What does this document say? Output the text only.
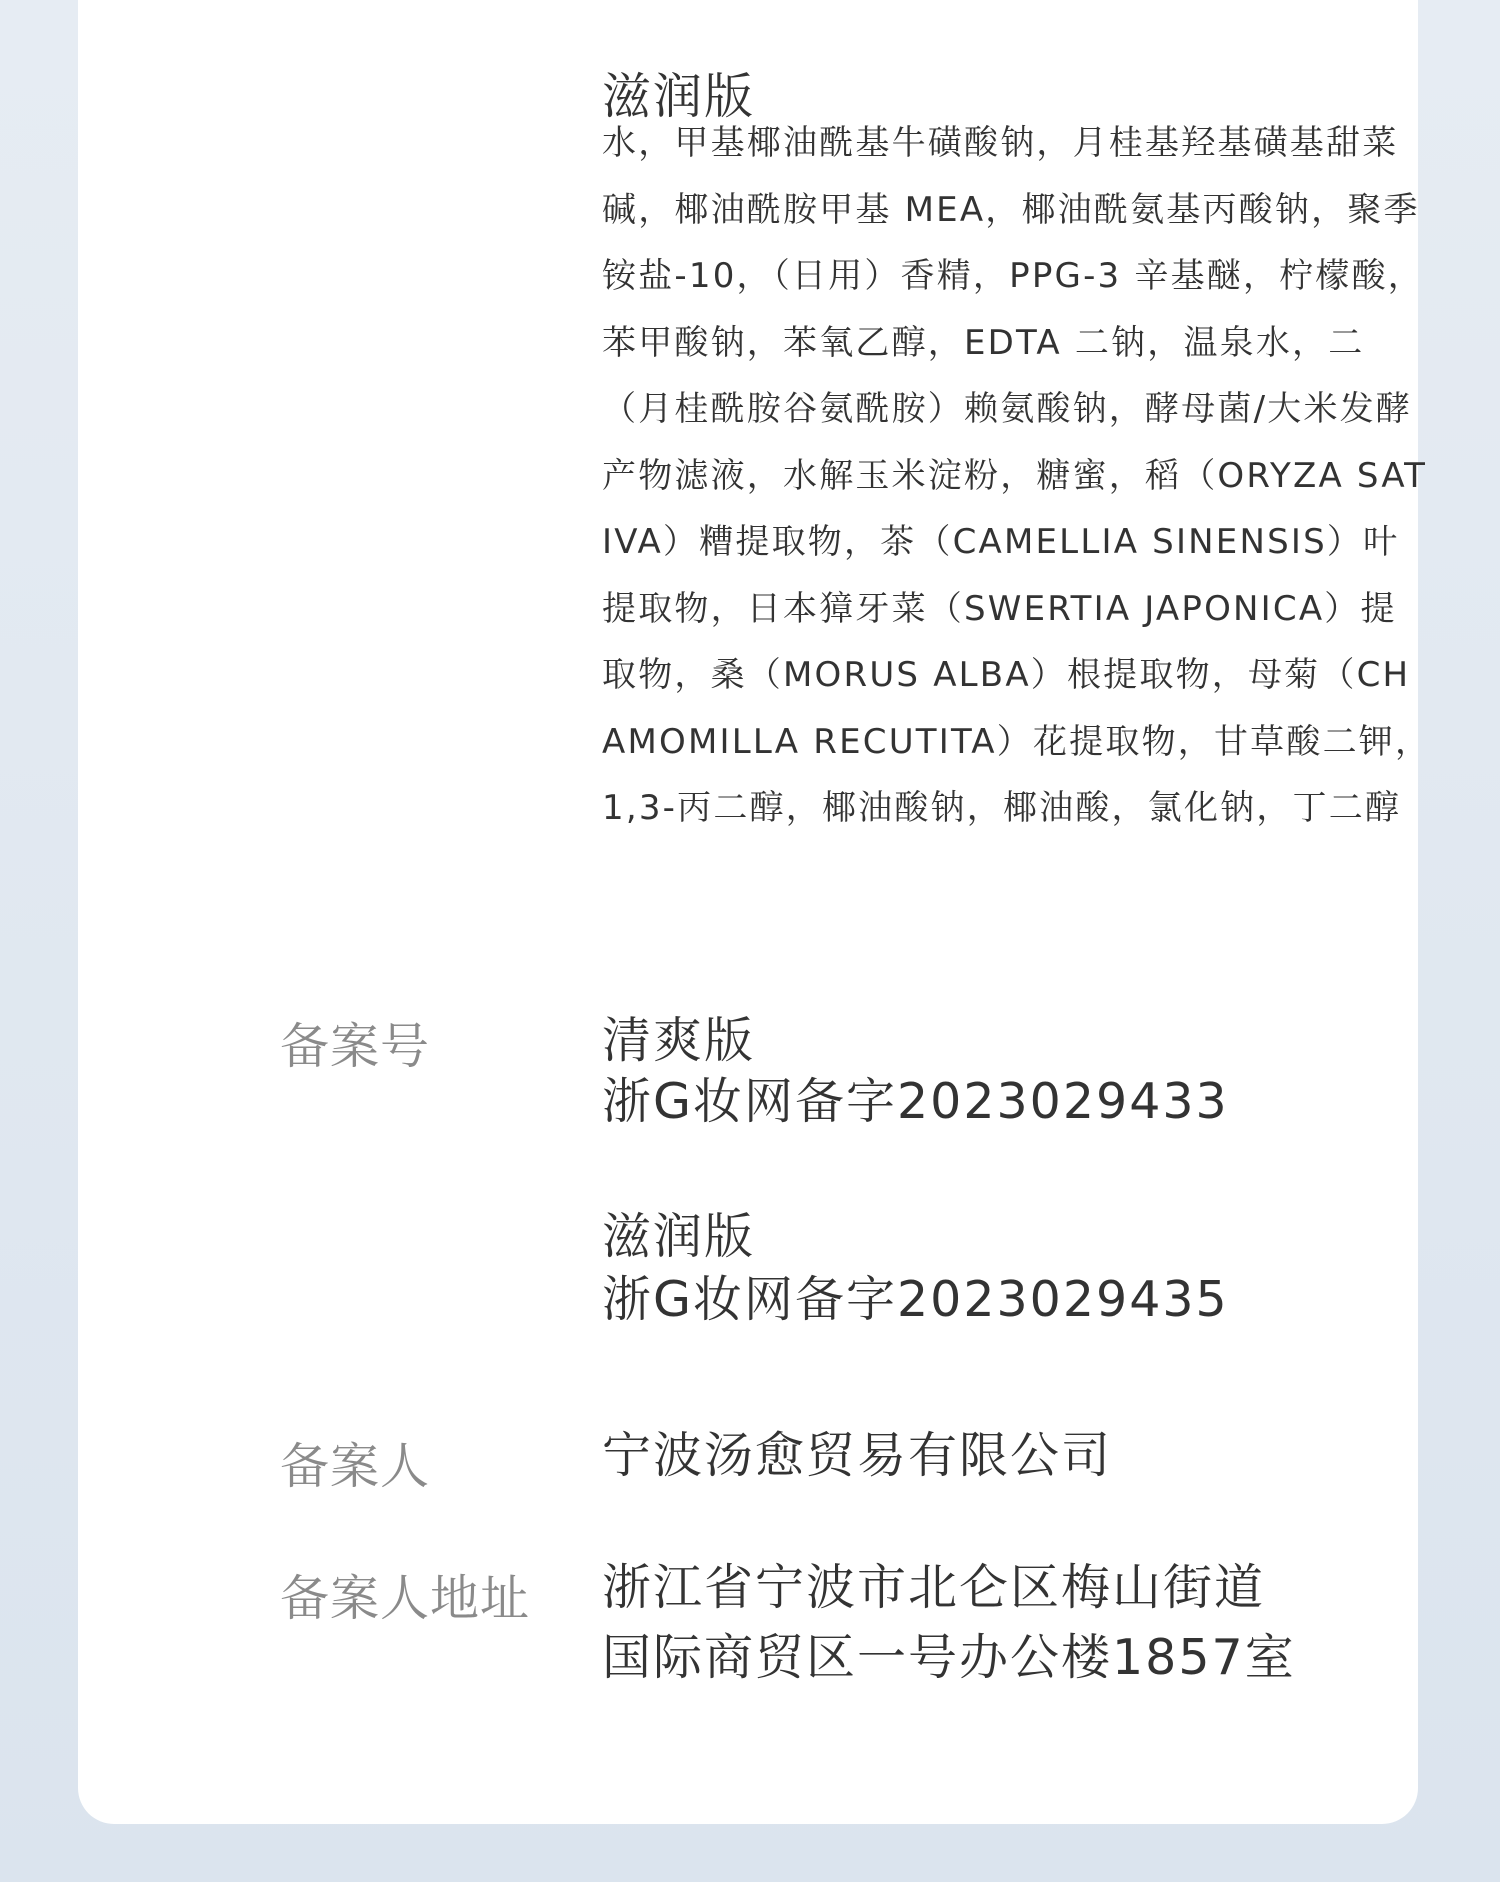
滋润版
水，甲基椰油酰基牛磺酸钠，月桂基羟基磺基甜菜碱，椰油酰胺甲基 MEA，椰油酰氨基丙酸钠，聚季铵盐-10，（日用）香精，PPG-3 辛基醚，柠檬酸，苯甲酸钠，苯氧乙醇，EDTA 二钠，温泉水，二（月桂酰胺谷氨酰胺）赖氨酸钠，酵母菌/大米发酵产物滤液，水解玉米淀粉，糖蜜，稻（ORYZA SATIVA）糟提取物，茶（CAMELLIA SINENSIS）叶提取物，日本獐牙菜（SWERTIA JAPONICA）提取物，桑（MORUS ALBA）根提取物，母菊（CHAMOMILLA RECUTITA）花提取物，甘草酸二钾，1,3-丙二醇，椰油酸钠，椰油酸，氯化钠，丁二醇
备案号	清爽版
浙G妆网备字2023029433
滋润版
浙G妆网备字2023029435
备案人	宁波汤愈贸易有限公司
备案人地址 浙江省宁波市北仑区梅山街道
国际商贸区一号办公楼1857室
